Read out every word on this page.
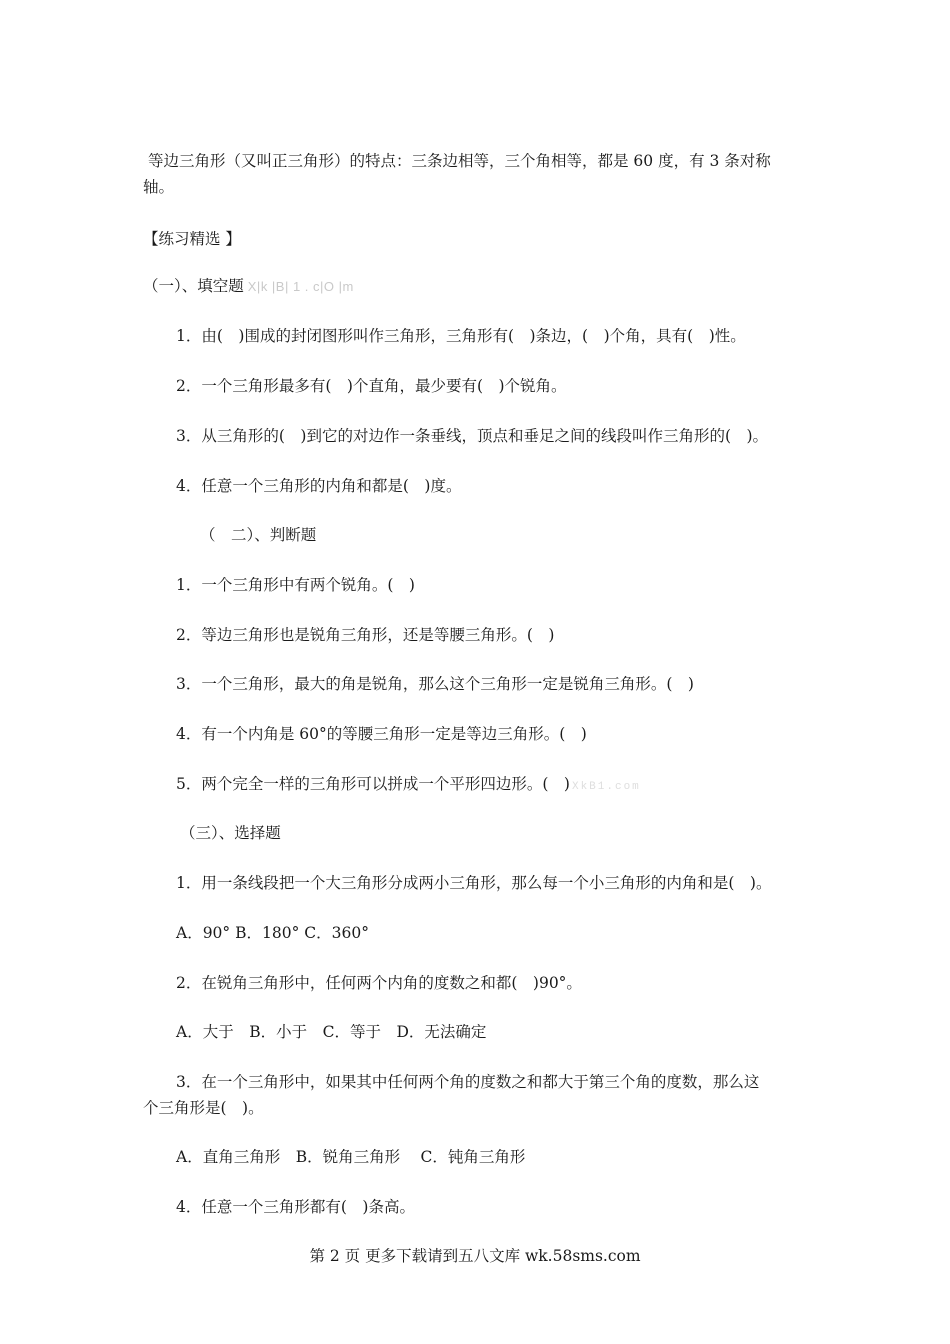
等边三角形（又叫正三角形）的特点：三条边相等，三个角相等，都是 60 度，有 3 条对称
轴。
【练习精选 】
（一）、填空题 X|k |B| 1 . c|O |m
1．由(　)围成的封闭图形叫作三角形，三角形有(　)条边，(　)个角，具有(　)性。
2．一个三角形最多有(　)个直角，最少要有(　)个锐角。
3．从三角形的(　)到它的对边作一条垂线，顶点和垂足之间的线段叫作三角形的(　)。
4．任意一个三角形的内角和都是(　)度。
（　二）、判断题
1．一个三角形中有两个锐角。(　)
2．等边三角形也是锐角三角形，还是等腰三角形。(　)
3．一个三角形，最大的角是锐角，那么这个三角形一定是锐角三角形。(　)
4．有一个内角是 60°的等腰三角形一定是等边三角形。(　)
5．两个完全一样的三角形可以拼成一个平形四边形。(　) XkB1.com
（三）、选择题
1．用一条线段把一个大三角形分成两小三角形，那么每一个小三角形的内角和是(　)。
A．90° B．180° C．360°
2．在锐角三角形中，任何两个内角的度数之和都(　)90°。
A．大于　B．小于　C．等于　D．无法确定
3．在一个三角形中，如果其中任何两个角的度数之和都大于第三个角的度数，那么这
个三角形是(　)。
A．直角三角形　B．锐角三角形　 C．钝角三角形
4．任意一个三角形都有(　)条高。
第 2 页 更多下载请到五八文库 wk.58sms.com
